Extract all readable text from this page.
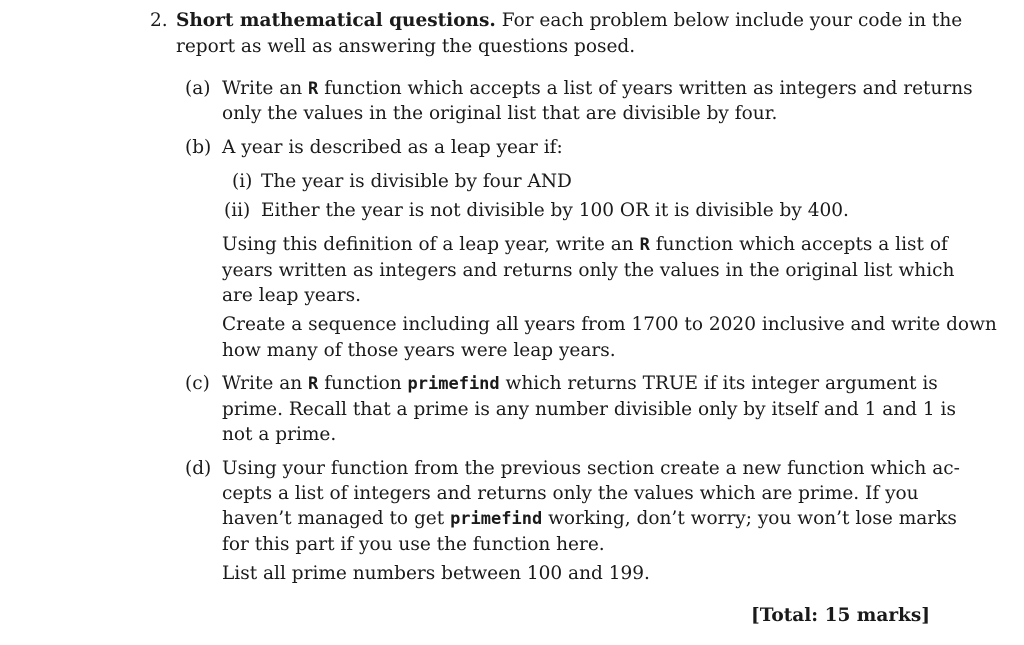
2. Short mathematical questions. For each problem below include your code in the
report as well as answering the questions posed.
(a) Write an R function which accepts a list of years written as integers and returns
only the values in the original list that are divisible by four.
(b) A year is described as a leap year if:
(i) The year is divisible by four AND
(ii) Either the year is not divisible by 100 OR it is divisible by 400.
Using this definition of a leap year, write an R function which accepts a list of
years written as integers and returns only the values in the original list which
are leap years.
Create a sequence including all years from 1700 to 2020 inclusive and write down
how many of those years were leap years.
(c) Write an R function primefind which returns TRUE if its integer argument is
prime. Recall that a prime is any number divisible only by itself and 1 and 1 is
not a prime.
(d) Using your function from the previous section create a new function which ac-
cepts a list of integers and returns only the values which are prime. If you
haven’t managed to get primefind working, don’t worry; you won’t lose marks
for this part if you use the function here.
List all prime numbers between 100 and 199.
[Total: 15 marks]
